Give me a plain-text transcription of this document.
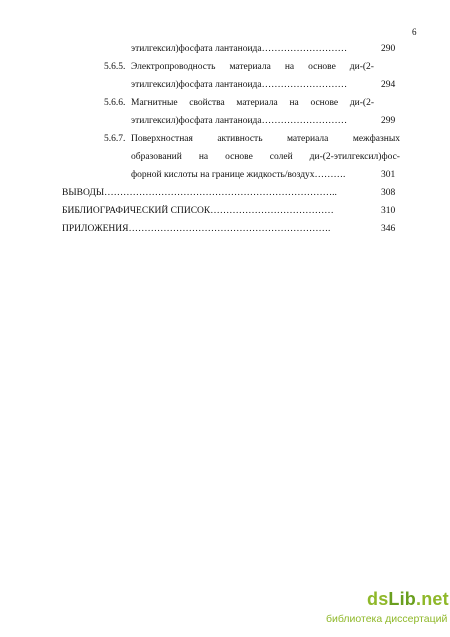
6
этилгексил)фосфата лантаноида………………………	290
5.6.5. Электропроводность материала на основе ди-(2-
этилгексил)фосфата лантаноида………………………	294
5.6.6. Магнитные свойства материала на основе ди-(2-
этилгексил)фосфата лантаноида………………………	299
5.6.7. Поверхностная	активность	материала	межфазных
образований на основе солей ди-(2-этилгексил)фос-
форной кислоты на границе жидкость/воздух……….	301
ВЫВОДЫ………………………………………………………………..	308
БИБЛИОГРАФИЧЕСКИЙ СПИСОК…………………………………	310
ПРИЛОЖЕНИЯ……………………………………………………….	346
dsLib.net
библиотека диссертаций
